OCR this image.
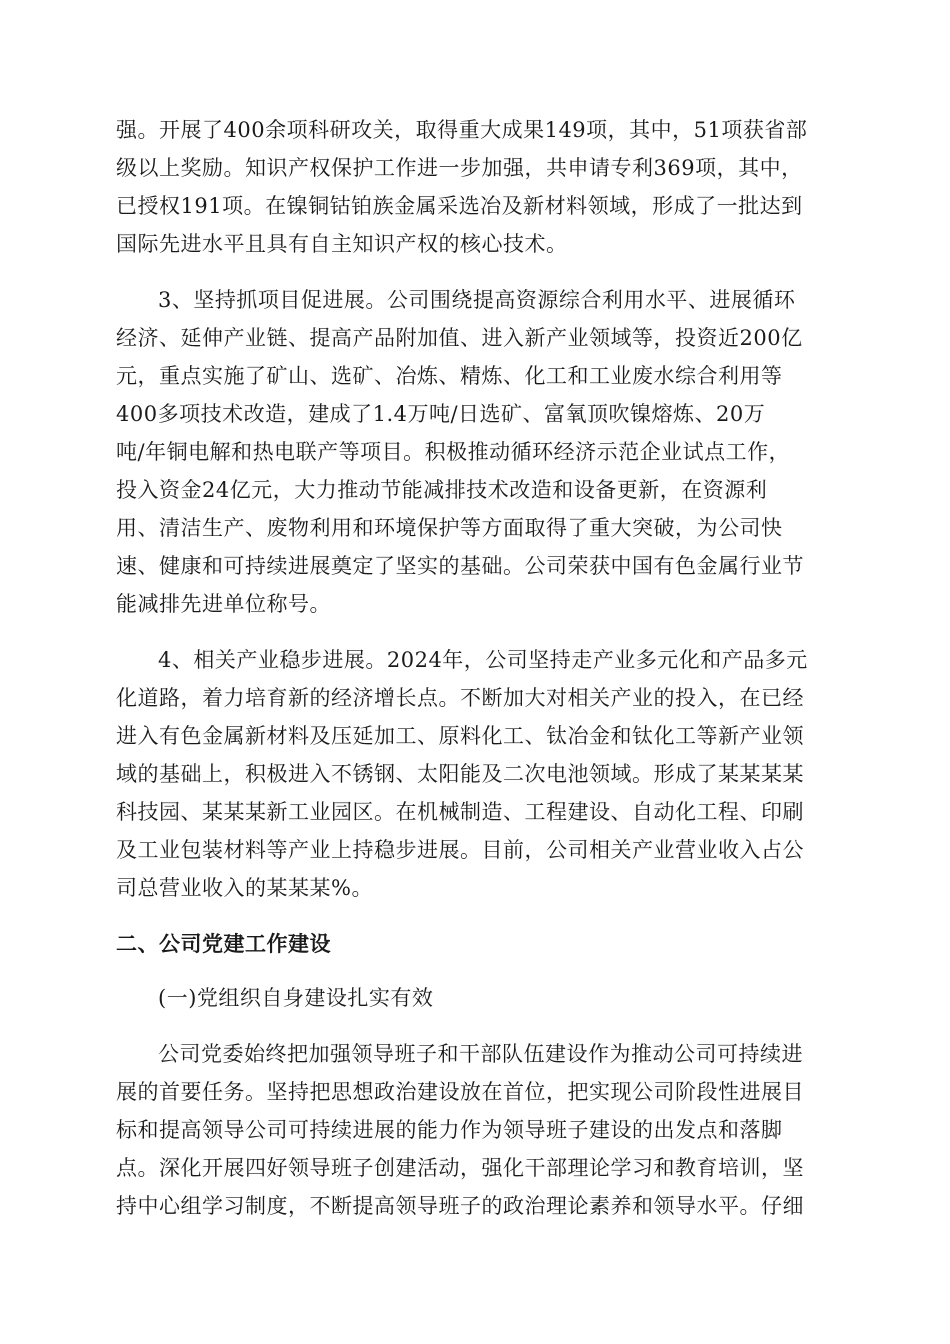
强。开展了400余项科研攻关，取得重大成果149项，其中，51项获省部
级以上奖励。知识产权保护工作进一步加强，共申请专利369项，其中，
已授权191项。在镍铜钴铂族金属采选冶及新材料领域，形成了一批达到
国际先进水平且具有自主知识产权的核心技术。
3、坚持抓项目促进展。公司围绕提高资源综合利用水平、进展循环
经济、延伸产业链、提高产品附加值、进入新产业领域等，投资近200亿
元，重点实施了矿山、选矿、冶炼、精炼、化工和工业废水综合利用等
400多项技术改造，建成了1.4万吨/日选矿、富氧顶吹镍熔炼、20万
吨/年铜电解和热电联产等项目。积极推动循环经济示范企业试点工作，
投入资金24亿元，大力推动节能减排技术改造和设备更新，在资源利
用、清洁生产、废物利用和环境保护等方面取得了重大突破，为公司快
速、健康和可持续进展奠定了坚实的基础。公司荣获中国有色金属行业节
能减排先进单位称号。
4、相关产业稳步进展。2024年，公司坚持走产业多元化和产品多元
化道路，着力培育新的经济增长点。不断加大对相关产业的投入，在已经
进入有色金属新材料及压延加工、原料化工、钛冶金和钛化工等新产业领
域的基础上，积极进入不锈钢、太阳能及二次电池领域。形成了某某某某
科技园、某某某新工业园区。在机械制造、工程建设、自动化工程、印刷
及工业包装材料等产业上持稳步进展。目前，公司相关产业营业收入占公
司总营业收入的某某某%。
二、公司党建工作建设
(一)党组织自身建设扎实有效
公司党委始终把加强领导班子和干部队伍建设作为推动公司可持续进
展的首要任务。坚持把思想政治建设放在首位，把实现公司阶段性进展目
标和提高领导公司可持续进展的能力作为领导班子建设的出发点和落脚
点。深化开展四好领导班子创建活动，强化干部理论学习和教育培训，坚
持中心组学习制度，不断提高领导班子的政治理论素养和领导水平。仔细
